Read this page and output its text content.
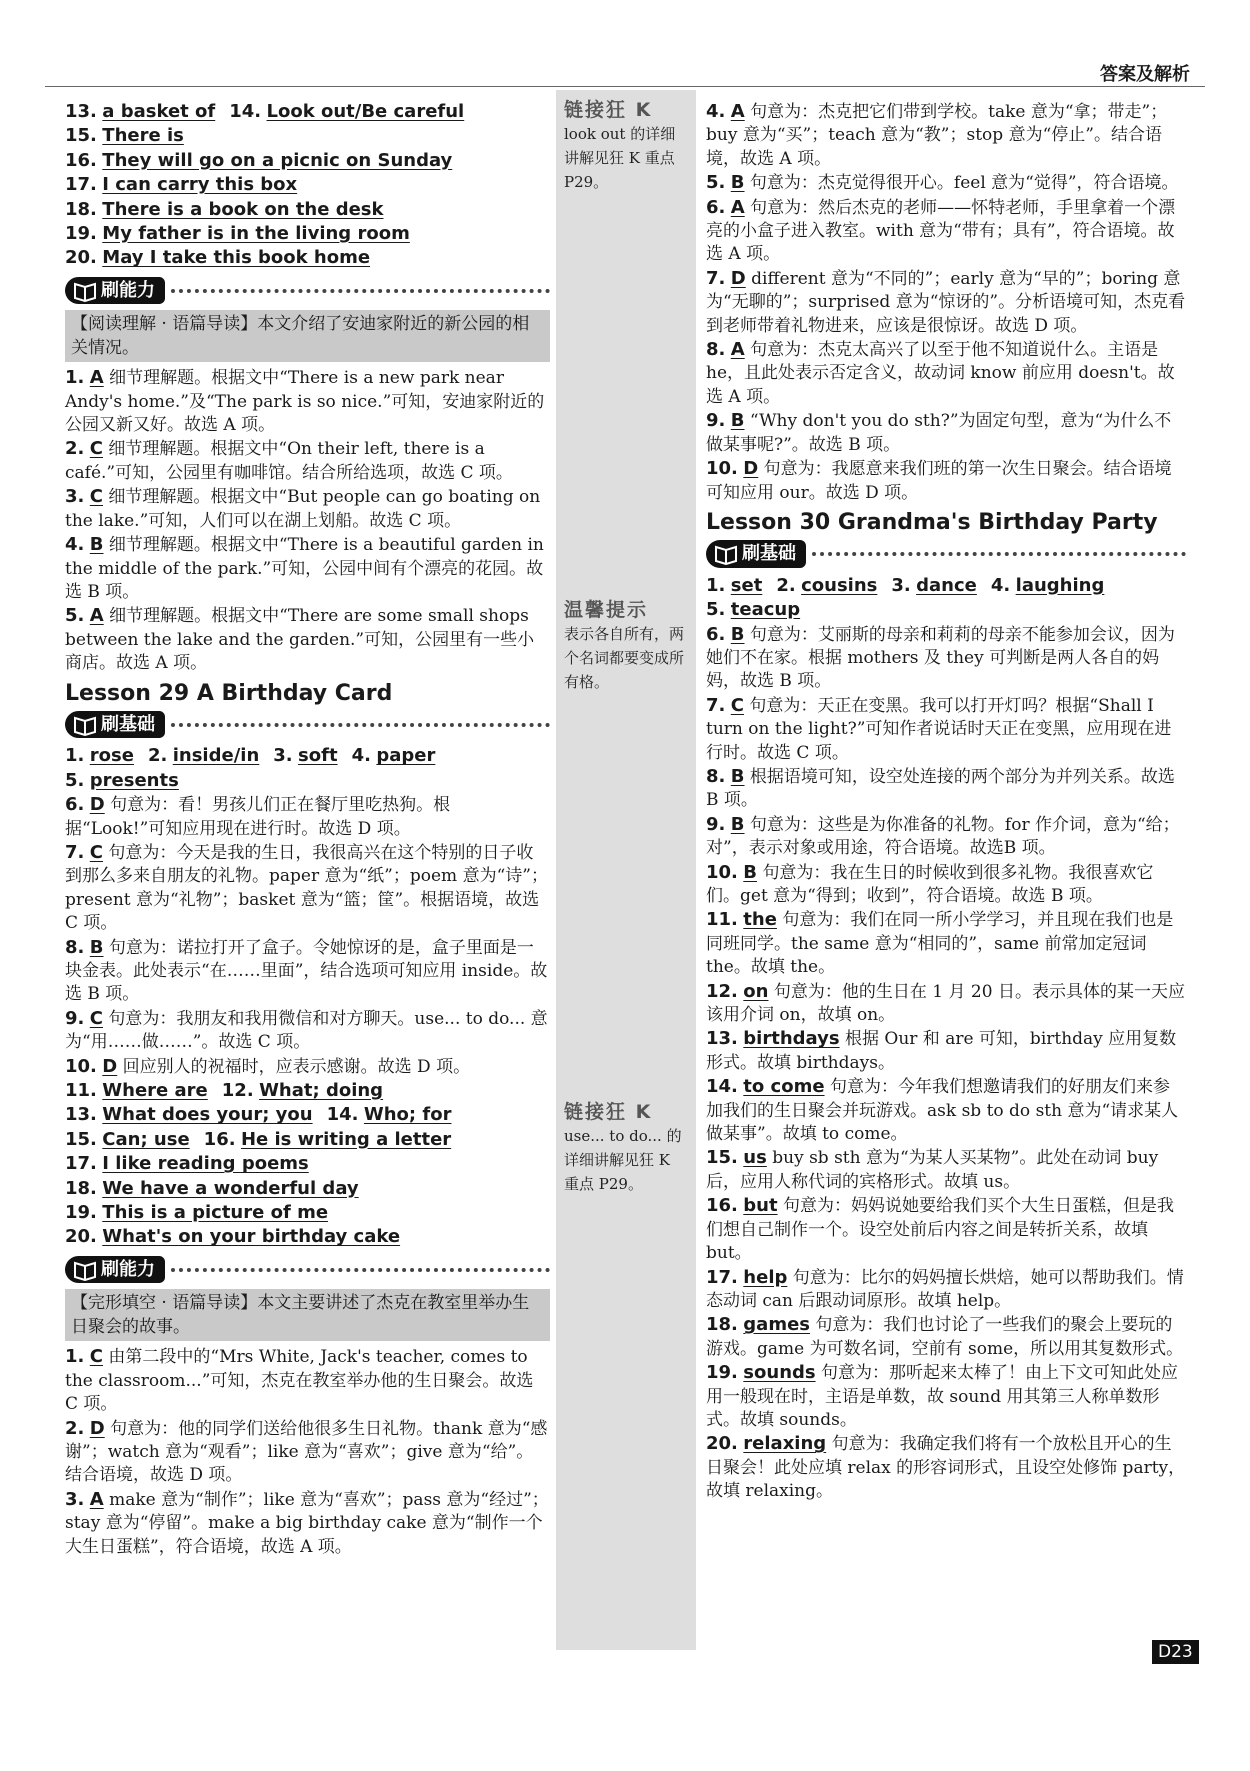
答案及解析
链接狂 K
look out 的详细讲解见狂 K 重点 P29。
温馨提示
表示各自所有，两个名词都要变成所有格。
链接狂 K
use... to do... 的详细讲解见狂 K 重点 P29。
13. a basket of 14. Look out/Be careful
15. There is
16. They will go on a picnic on Sunday
17. I can carry this box
18. There is a book on the desk
19. My father is in the living room
20. May I take this book home
刷能力
【阅读理解 · 语篇导读】本文介绍了安迪家附近的新公园的相关情况。
1. A 细节理解题。根据文中“There is a new park near Andy's home.”及“The park is so nice.”可知，安迪家附近的公园又新又好。故选 A 项。
2. C 细节理解题。根据文中“On their left, there is a café.”可知，公园里有咖啡馆。结合所给选项，故选 C 项。
3. C 细节理解题。根据文中“But people can go boating on the lake.”可知，人们可以在湖上划船。故选 C 项。
4. B 细节理解题。根据文中“There is a beautiful garden in the middle of the park.”可知，公园中间有个漂亮的花园。故选 B 项。
5. A 细节理解题。根据文中“There are some small shops between the lake and the garden.”可知，公园里有一些小商店。故选 A 项。
Lesson 29 A Birthday Card
刷基础
1. rose 2. inside/in 3. soft 4. paper
5. presents
6. D 句意为：看！男孩儿们正在餐厅里吃热狗。根据“Look!”可知应用现在进行时。故选 D 项。
7. C 句意为：今天是我的生日，我很高兴在这个特别的日子收到那么多来自朋友的礼物。paper 意为“纸”；poem 意为“诗”；present 意为“礼物”；basket 意为“篮；筐”。根据语境，故选 C 项。
8. B 句意为：诺拉打开了盒子。令她惊讶的是，盒子里面是一块金表。此处表示“在……里面”，结合选项可知应用 inside。故选 B 项。
9. C 句意为：我朋友和我用微信和对方聊天。use... to do... 意为“用……做……”。故选 C 项。
10. D 回应别人的祝福时，应表示感谢。故选 D 项。
11. Where are 12. What; doing
13. What does your; you 14. Who; for
15. Can; use 16. He is writing a letter
17. I like reading poems
18. We have a wonderful day
19. This is a picture of me
20. What's on your birthday cake
刷能力
【完形填空 · 语篇导读】本文主要讲述了杰克在教室里举办生日聚会的故事。
1. C 由第二段中的“Mrs White, Jack's teacher, comes to the classroom...”可知，杰克在教室举办他的生日聚会。故选 C 项。
2. D 句意为：他的同学们送给他很多生日礼物。thank 意为“感谢”；watch 意为“观看”；like 意为“喜欢”；give 意为“给”。结合语境，故选 D 项。
3. A make 意为“制作”；like 意为“喜欢”；pass 意为“经过”；stay 意为“停留”。make a big birthday cake 意为“制作一个大生日蛋糕”，符合语境，故选 A 项。
4. A 句意为：杰克把它们带到学校。take 意为“拿；带走”；buy 意为“买”；teach 意为“教”；stop 意为“停止”。结合语境，故选 A 项。
5. B 句意为：杰克觉得很开心。feel 意为“觉得”，符合语境。
6. A 句意为：然后杰克的老师——怀特老师，手里拿着一个漂亮的小盒子进入教室。with 意为“带有；具有”，符合语境。故选 A 项。
7. D different 意为“不同的”；early 意为“早的”；boring 意为“无聊的”；surprised 意为“惊讶的”。分析语境可知，杰克看到老师带着礼物进来，应该是很惊讶。故选 D 项。
8. A 句意为：杰克太高兴了以至于他不知道说什么。主语是 he，且此处表示否定含义，故动词 know 前应用 doesn't。故选 A 项。
9. B “Why don't you do sth?”为固定句型，意为“为什么不做某事呢?”。故选 B 项。
10. D 句意为：我愿意来我们班的第一次生日聚会。结合语境可知应用 our。故选 D 项。
Lesson 30 Grandma's Birthday Party
刷基础
1. set 2. cousins 3. dance 4. laughing
5. teacup
6. B 句意为：艾丽斯的母亲和莉莉的母亲不能参加会议，因为她们不在家。根据 mothers 及 they 可判断是两人各自的妈妈，故选 B 项。
7. C 句意为：天正在变黑。我可以打开灯吗？根据“Shall I turn on the light?”可知作者说话时天正在变黑，应用现在进行时。故选 C 项。
8. B 根据语境可知，设空处连接的两个部分为并列关系。故选 B 项。
9. B 句意为：这些是为你准备的礼物。for 作介词，意为“给；对”，表示对象或用途，符合语境。故选B 项。
10. B 句意为：我在生日的时候收到很多礼物。我很喜欢它们。get 意为“得到；收到”，符合语境。故选 B 项。
11. the 句意为：我们在同一所小学学习，并且现在我们也是同班同学。the same 意为“相同的”，same 前常加定冠词 the。故填 the。
12. on 句意为：他的生日在 1 月 20 日。表示具体的某一天应该用介词 on，故填 on。
13. birthdays 根据 Our 和 are 可知，birthday 应用复数形式。故填 birthdays。
14. to come 句意为：今年我们想邀请我们的好朋友们来参加我们的生日聚会并玩游戏。ask sb to do sth 意为“请求某人做某事”。故填 to come。
15. us buy sb sth 意为“为某人买某物”。此处在动词 buy 后，应用人称代词的宾格形式。故填 us。
16. but 句意为：妈妈说她要给我们买个大生日蛋糕，但是我们想自己制作一个。设空处前后内容之间是转折关系，故填 but。
17. help 句意为：比尔的妈妈擅长烘焙，她可以帮助我们。情态动词 can 后跟动词原形。故填 help。
18. games 句意为：我们也讨论了一些我们的聚会上要玩的游戏。game 为可数名词，空前有 some，所以用其复数形式。
19. sounds 句意为：那听起来太棒了！由上下文可知此处应用一般现在时，主语是单数，故 sound 用其第三人称单数形式。故填 sounds。
20. relaxing 句意为：我确定我们将有一个放松且开心的生日聚会！此处应填 relax 的形容词形式，且设空处修饰 party，故填 relaxing。
D23
